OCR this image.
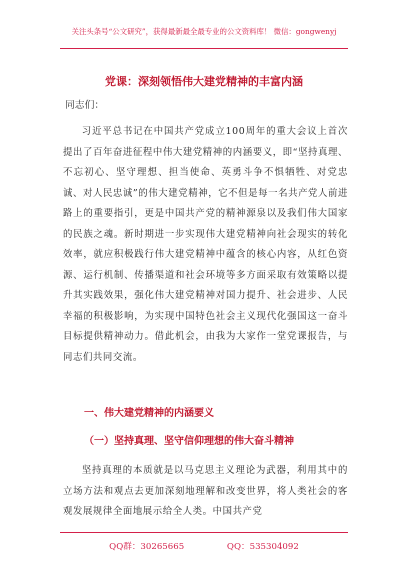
关注头条号“公文研究”，获得最新最全最专业的公文资料库！ 微信：gongwenyj
党课：深刻领悟伟大建党精神的丰富内涵
同志们：

习近平总书记在中国共产党成立100周年的重大会议上首次提出了百年奋进征程中伟大建党精神的内涵要义，即“坚持真理、不忘初心、坚守理想、担当使命、英勇斗争不惧牺牲、对党忠诚、对人民忠诚”的伟大建党精神，它不但是每一名共产党人前进路上的重要指引，更是中国共产党的精神源泉以及我们伟大国家的民族之魂。新时期进一步实现伟大建党精神向社会现实的转化效率，就应积极践行伟大建党精神中蕴含的核心内容，从红色资源、运行机制、传播渠道和社会环境等多方面采取有效策略以提升其实践效果，强化伟大建党精神对国力提升、社会进步、人民幸福的积极影响，为实现中国特色社会主义现代化强国这一奋斗目标提供精神动力。借此机会，由我为大家作一堂党课报告，与同志们共同交流。

一、伟大建党精神的内涵要义
（一）坚持真理、坚守信仰理想的伟大奋斗精神

坚持真理的本质就是以马克思主义理论为武器，利用其中的立场方法和观点去更加深刻地理解和改变世界，将人类社会的客观发展规律全面地展示给全人类。中国共产党

QQ群：30265665	QQ：535304092
